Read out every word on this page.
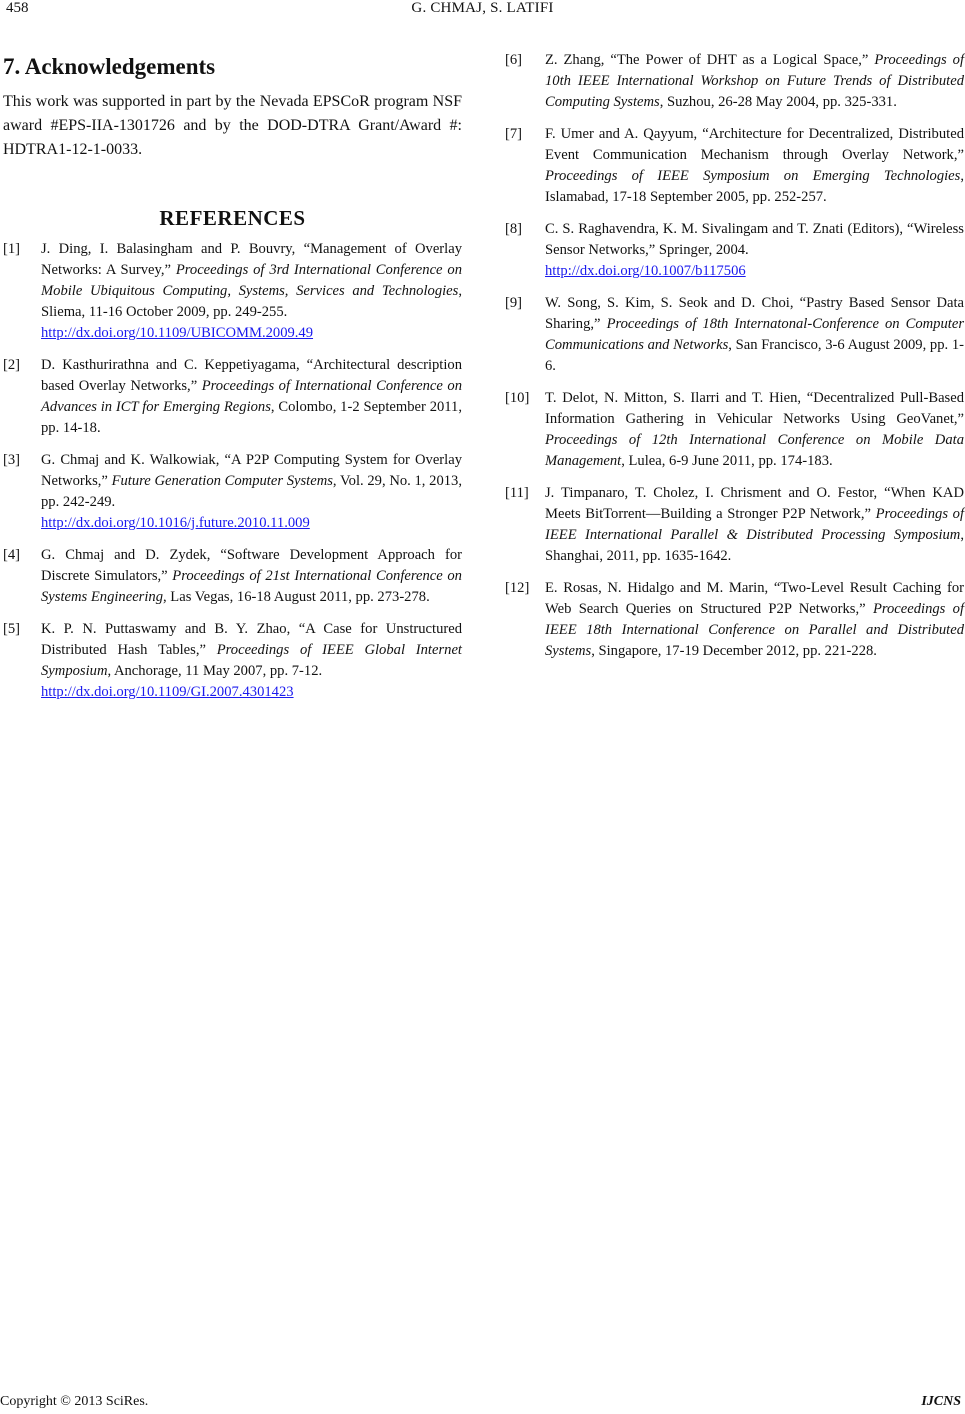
458	G. CHMAJ, S. LATIFI
7. Acknowledgements

This work was supported in part by the Nevada EPSCoR program NSF award #EPS-IIA-1301726 and by the DOD-DTRA Grant/Award #: HDTRA1-12-1-0033.

REFERENCES
[1]	J. Ding, I. Balasingham and P. Bouvry, “Management of Overlay Networks: A Survey,” Proceedings of 3rd International Conference on Mobile Ubiquitous Computing, Systems, Services and Technologies, Sliema, 11-16 October 2009, pp. 249-255.
http://dx.doi.org/10.1109/UBICOMM.2009.49
[2]	D. Kasthurirathna and C. Keppetiyagama, “Architectural description based Overlay Networks,” Proceedings of International Conference on Advances in ICT for Emerging Regions, Colombo, 1-2 September 2011, pp. 14-18.
[3]	G. Chmaj and K. Walkowiak, “A P2P Computing System for Overlay Networks,” Future Generation Computer Systems, Vol. 29, No. 1, 2013, pp. 242-249.
http://dx.doi.org/10.1016/j.future.2010.11.009
[4]	G. Chmaj and D. Zydek, “Software Development Approach for Discrete Simulators,” Proceedings of 21st International Conference on Systems Engineering, Las Vegas, 16-18 August 2011, pp. 273-278.
[5]	K. P. N. Puttaswamy and B. Y. Zhao, “A Case for Unstructured Distributed Hash Tables,” Proceedings of IEEE Global Internet Symposium, Anchorage, 11 May 2007, pp. 7-12.
http://dx.doi.org/10.1109/GI.2007.4301423
[6]	Z. Zhang, “The Power of DHT as a Logical Space,” Proceedings of 10th IEEE International Workshop on Future Trends of Distributed Computing Systems, Suzhou, 26-28 May 2004, pp. 325-331.
[7]	F. Umer and A. Qayyum, “Architecture for Decentralized, Distributed Event Communication Mechanism through Overlay Network,” Proceedings of IEEE Symposium on Emerging Technologies, Islamabad, 17-18 September 2005, pp. 252-257.
[8]	C. S. Raghavendra, K. M. Sivalingam and T. Znati (Editors), “Wireless Sensor Networks,” Springer, 2004.
http://dx.doi.org/10.1007/b117506
[9]	W. Song, S. Kim, S. Seok and D. Choi, “Pastry Based Sensor Data Sharing,” Proceedings of 18th Internatonal-Conference on Computer Communications and Networks, San Francisco, 3-6 August 2009, pp. 1-6.
[10]	T. Delot, N. Mitton, S. Ilarri and T. Hien, “Decentralized Pull-Based Information Gathering in Vehicular Networks Using GeoVanet,” Proceedings of 12th International Conference on Mobile Data Management, Lulea, 6-9 June 2011, pp. 174-183.
[11]	J. Timpanaro, T. Cholez, I. Chrisment and O. Festor, “When KAD Meets BitTorrent—Building a Stronger P2P Network,” Proceedings of IEEE International Parallel & Distributed Processing Symposium, Shanghai, 2011, pp. 1635-1642.
[12]	E. Rosas, N. Hidalgo and M. Marin, “Two-Level Result Caching for Web Search Queries on Structured P2P Networks,” Proceedings of IEEE 18th International Conference on Parallel and Distributed Systems, Singapore, 17-19 December 2012, pp. 221-228.
Copyright © 2013 SciRes.	IJCNS
